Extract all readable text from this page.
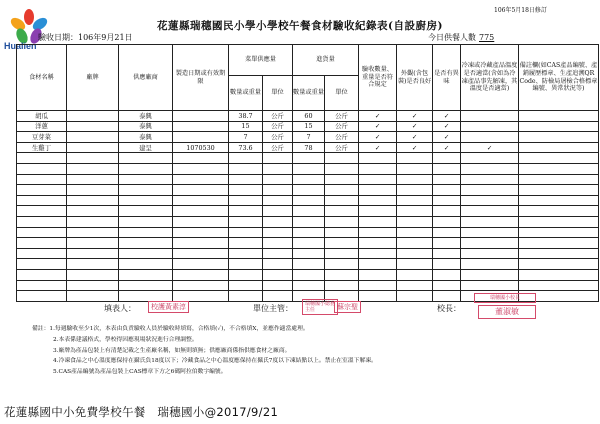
Hualien
106年5月18日修訂
花蓮縣瑞穗國民小學小學校午餐食材驗收紀錄表(自設廚房)
驗收日期：106年9月21日	今日供餐人數 775
食材名稱	廠牌	供應廠商	製造日期或有效期限	菜單供應量		進貨量		驗收數量、重量是否符合規定	外觀(含包裝)是否良好	是否有異味	冷凍或冷藏產品溫度是否適當(含如為冷凍產品事先解凍，其溫度是否適當)	備註欄(如CAS產品編號、產銷履歷標章、生產追溯QR Code、防檢局屠檢合格標章編號、異常狀況等)
				數量或重量	單位	數量或重量	單位					
胡瓜		泰興		38.7	公斤	60	公斤	✓	✓	✓		
洋蔥		泰興		15	公斤	15	公斤	✓	✓	✓		
豆芽菜		泰興		7	公斤	7	公斤	✓	✓	✓		
生雞丁		建呈	1070530	73.6	公斤	78	公斤	✓	✓	✓	✓	

填表人：	校護黃素淳	單位主管：	瑞穗國小總務主任	蘇宗聖	校長：
瑞穗國小校長
董淑敏
備註：1.每週驗收至少1次，本表由負責驗收人員於驗收時填寫，合格填(✓)，不合格填X，並應作適當處理。
2.本表係建議格式，學校得因應現場狀況進行合理調整。
3.廠牌為產品包裝上有清楚記載之生產廠名稱，如無則填無；供應廠商係指供應食材之廠商。
4.冷凍食品之中心溫度應保持在攝氏負18度以下；冷藏食品之中心溫度應保持在攝氏7度以下凍結點以上。禁止在室溫下解凍。
5.CAS產品編號為產品包裝上CAS標章下方之6碼阿拉伯數字編號。
花蓮縣國中小免費學校午餐　瑞穗國小@2017/9/21
